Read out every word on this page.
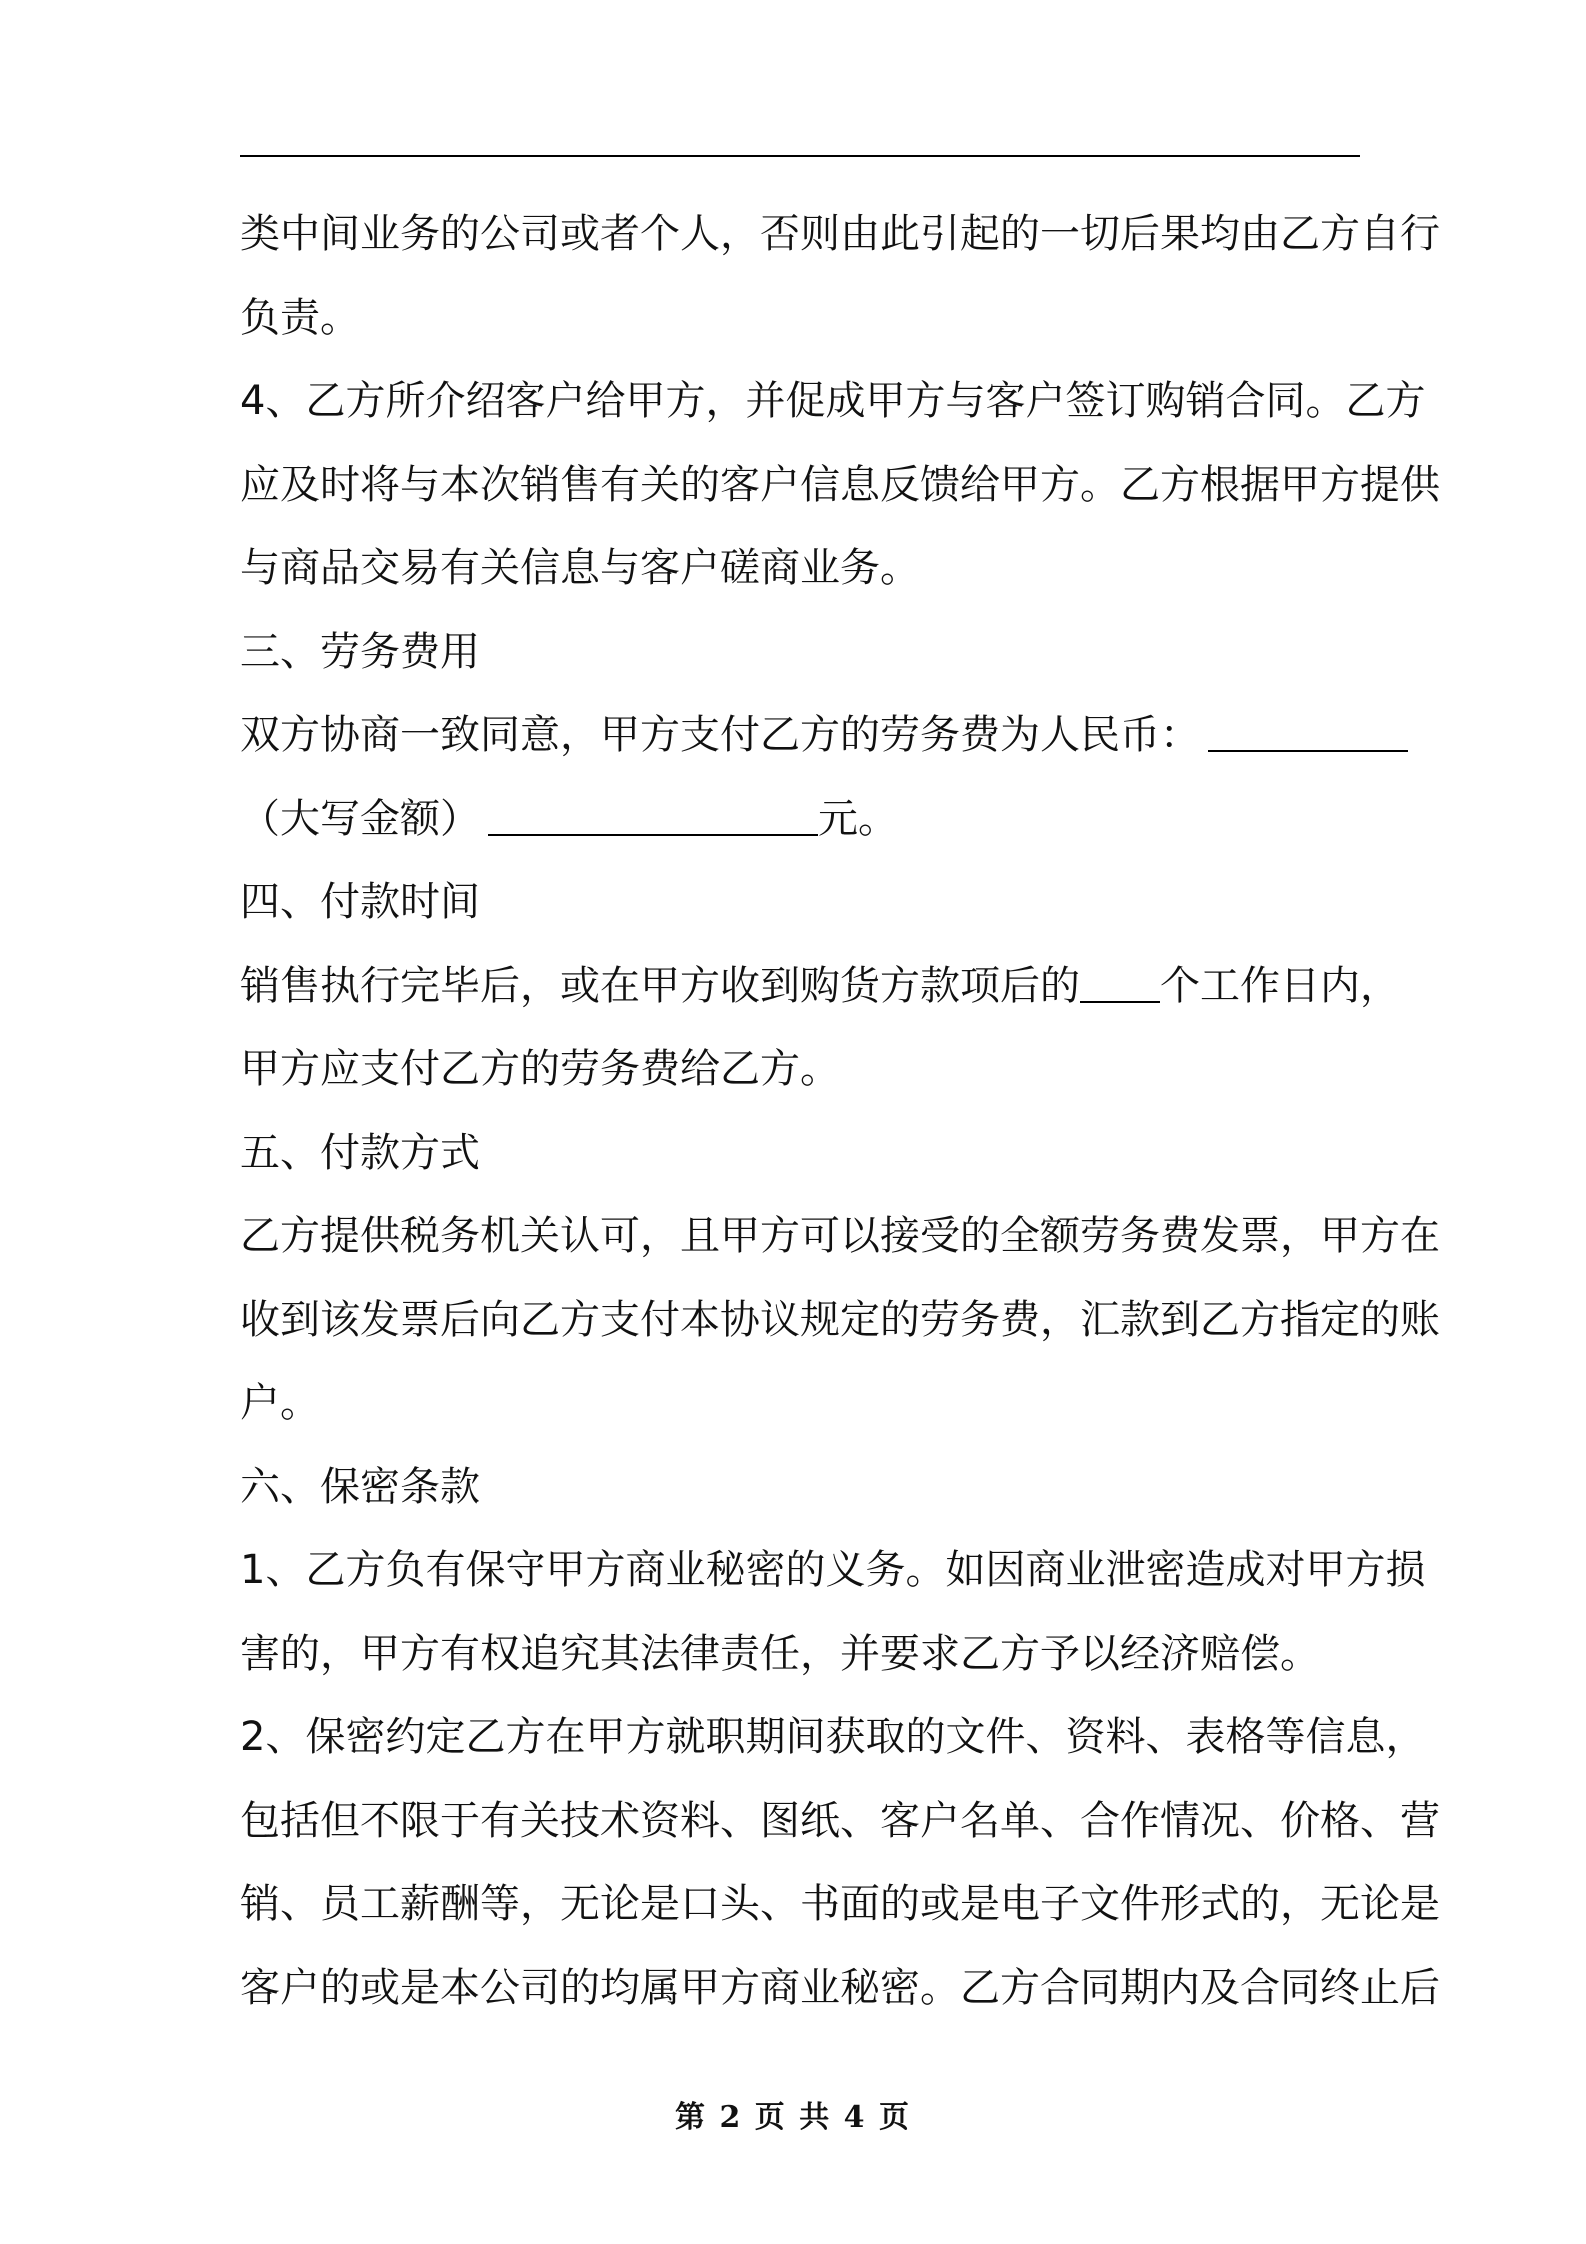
类中间业务的公司或者个人，否则由此引起的一切后果均由乙方自行
负责。
4、乙方所介绍客户给甲方，并促成甲方与客户签订购销合同。乙方
应及时将与本次销售有关的客户信息反馈给甲方。乙方根据甲方提供
与商品交易有关信息与客户磋商业务。
三、劳务费用
双方协商一致同意，甲方支付乙方的劳务费为人民币：
（大写金额）	元。
四、付款时间
销售执行完毕后，或在甲方收到购货方款项后的 个工作日内，
甲方应支付乙方的劳务费给乙方。
五、付款方式
乙方提供税务机关认可，且甲方可以接受的全额劳务费发票，甲方在
收到该发票后向乙方支付本协议规定的劳务费，汇款到乙方指定的账
户。
六、保密条款
1、乙方负有保守甲方商业秘密的义务。如因商业泄密造成对甲方损
害的，甲方有权追究其法律责任，并要求乙方予以经济赔偿。
2、保密约定乙方在甲方就职期间获取的文件、资料、表格等信息，
包括但不限于有关技术资料、图纸、客户名单、合作情况、价格、营
销、员工薪酬等，无论是口头、书面的或是电子文件形式的，无论是
客户的或是本公司的均属甲方商业秘密。乙方合同期内及合同终止后
第 2 页 共 4 页
